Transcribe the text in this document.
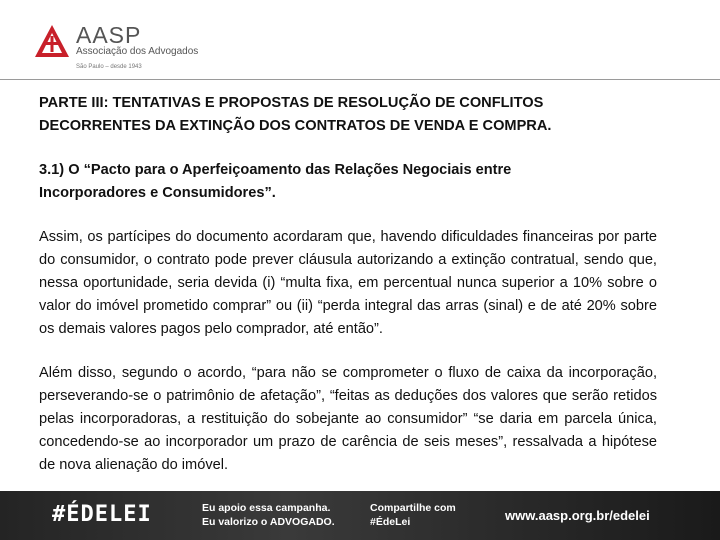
AASP
Associação dos Advogados
São Paulo – desde 1943
PARTE III: TENTATIVAS E PROPOSTAS DE RESOLUÇÃO DE CONFLITOS
DECORRENTES DA EXTINÇÃO DOS CONTRATOS DE VENDA E COMPRA.
3.1) O “Pacto para o Aperfeiçoamento das Relações Negociais entre
Incorporadores e Consumidores”.

Assim, os partícipes do documento acordaram que, havendo dificuldades financeiras por parte do consumidor, o contrato pode prever cláusula autorizando a extinção contratual, sendo que, nessa oportunidade, seria devida (i) “multa fixa, em percentual nunca superior a 10% sobre o valor do imóvel prometido comprar” ou (ii) “perda integral das arras (sinal) e de até 20% sobre os demais valores pagos pelo comprador, até então”.

Além disso, segundo o acordo, “para não se comprometer o fluxo de caixa da incorporação, perseverando-se o patrimônio de afetação”, “feitas as deduções dos valores que serão retidos pelas incorporadoras, a restituição do sobejante ao consumidor” “se daria em parcela única, concedendo-se ao incorporador um prazo de carência de seis meses”, ressalvada a hipótese de nova alienação do imóvel.

#ÉDELEI	Eu apoio essa campanha.
Eu valorizo o ADVOGADO.
Compartilhe com
#ÉdeLei	www.aasp.org.br/edelei
